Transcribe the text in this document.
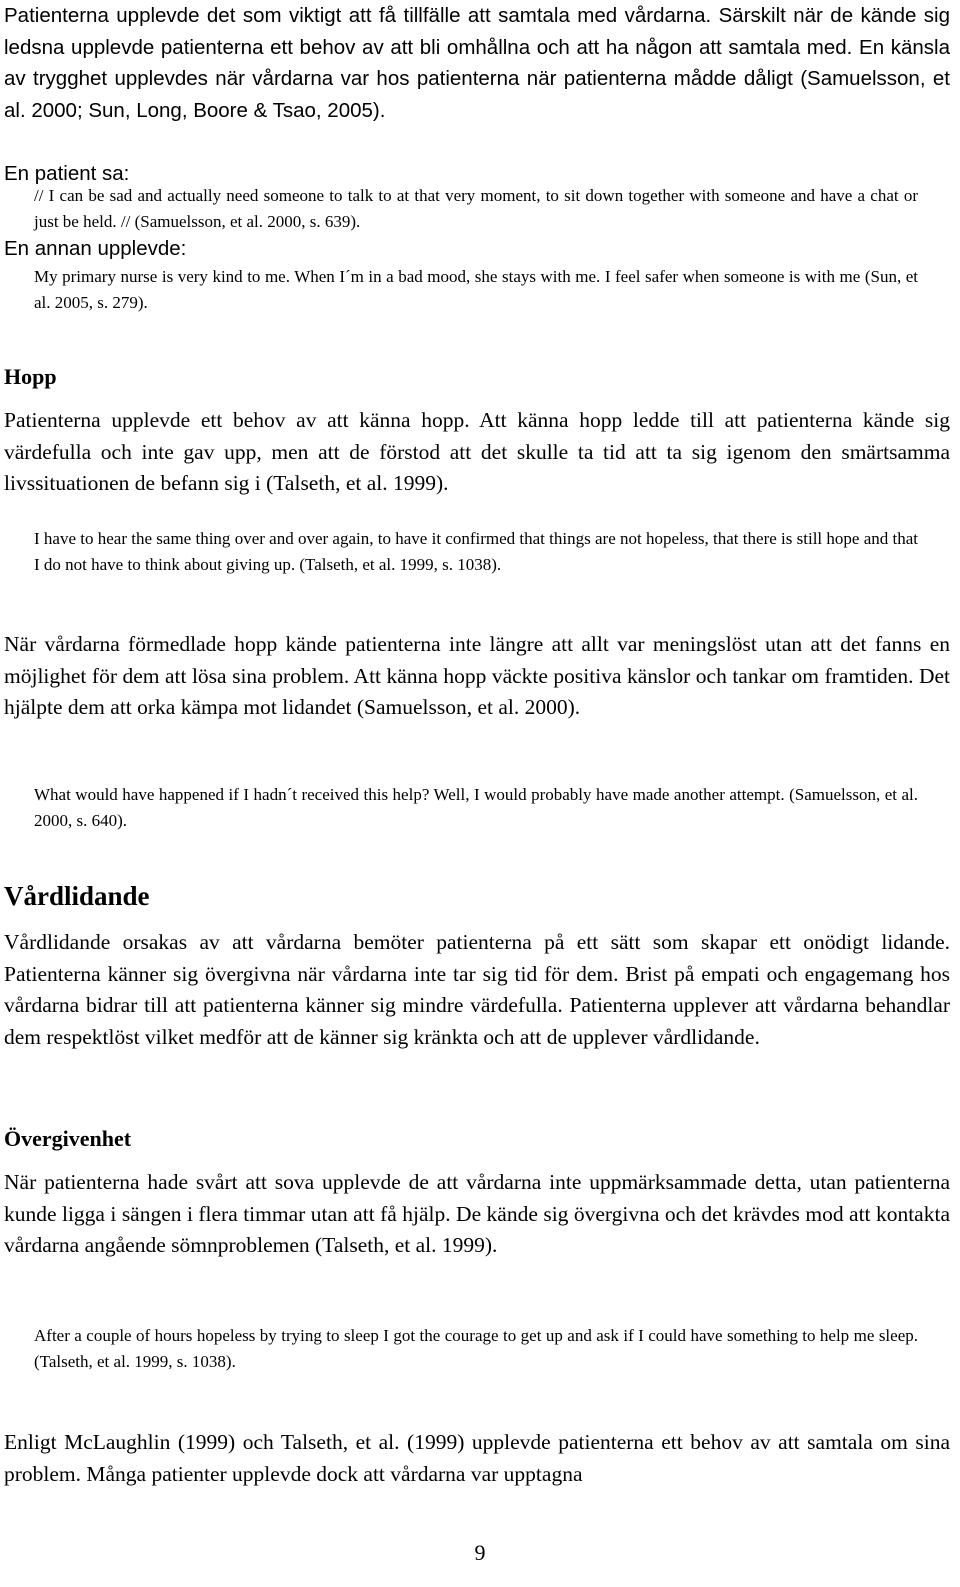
Patienterna upplevde det som viktigt att få tillfälle att samtala med vårdarna. Särskilt när de kände sig ledsna upplevde patienterna ett behov av att bli omhållna och att ha någon att samtala med. En känsla av trygghet upplevdes när vårdarna var hos patienterna när patienterna mådde dåligt (Samuelsson, et al. 2000; Sun, Long, Boore & Tsao, 2005).

En patient sa:

// I can be sad and actually need someone to talk to at that very moment, to sit down together with someone and have a chat or just be held. // (Samuelsson, et al. 2000, s. 639).

En annan upplevde:

My primary nurse is very kind to me. When I´m in a bad mood, she stays with me. I feel safer when someone is with me (Sun, et al. 2005, s. 279).

Hopp

Patienterna upplevde ett behov av att känna hopp. Att känna hopp ledde till att patienterna kände sig värdefulla och inte gav upp, men att de förstod att det skulle ta tid att ta sig igenom den smärtsamma livssituationen de befann sig i (Talseth, et al. 1999).

I have to hear the same thing over and over again, to have it confirmed that things are not hopeless, that there is still hope and that I do not have to think about giving up. (Talseth, et al. 1999, s. 1038).

När vårdarna förmedlade hopp kände patienterna inte längre att allt var meningslöst utan att det fanns en möjlighet för dem att lösa sina problem. Att känna hopp väckte positiva känslor och tankar om framtiden. Det hjälpte dem att orka kämpa mot lidandet (Samuelsson, et al. 2000).

What would have happened if I hadn´t received this help? Well, I would probably have made another attempt. (Samuelsson, et al. 2000, s. 640).

Vårdlidande

Vårdlidande orsakas av att vårdarna bemöter patienterna på ett sätt som skapar ett onödigt lidande. Patienterna känner sig övergivna när vårdarna inte tar sig tid för dem. Brist på empati och engagemang hos vårdarna bidrar till att patienterna känner sig mindre värdefulla. Patienterna upplever att vårdarna behandlar dem respektlöst vilket medför att de känner sig kränkta och att de upplever vårdlidande.

Övergivenhet

När patienterna hade svårt att sova upplevde de att vårdarna inte uppmärksammade detta, utan patienterna kunde ligga i sängen i flera timmar utan att få hjälp. De kände sig övergivna och det krävdes mod att kontakta vårdarna angående sömnproblemen (Talseth, et al. 1999).

After a couple of hours hopeless by trying to sleep I got the courage to get up and ask if I could have something to help me sleep. (Talseth, et al. 1999, s. 1038).

Enligt McLaughlin (1999) och Talseth, et al. (1999) upplevde patienterna ett behov av att samtala om sina problem. Många patienter upplevde dock att vårdarna var upptagna

9
